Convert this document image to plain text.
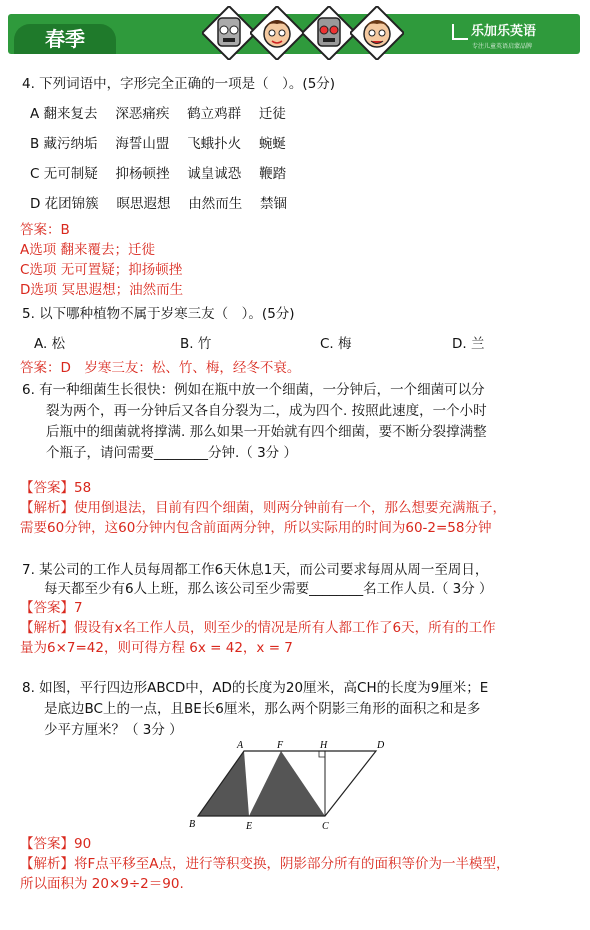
春季	乐加乐英语
专注儿童英语启蒙品牌
4. 下列词语中，字形完全正确的一项是（　）。(5分)
A 翻来复去　 深恶痛疾　 鹤立鸡群　 迁徒
B 藏污纳垢　 海誓山盟　 飞蛾扑火　 蜿蜒
C 无可制疑　 抑杨顿挫　 诚皇诚恐　 鞭踏
D 花团锦簇　 暝思遐想　 由然而生　 禁锢
答案：B
A选项 翻来覆去；迁徙
C选项 无可置疑；抑扬顿挫
D选项 冥思遐想；油然而生
5. 以下哪种植物不属于岁寒三友（　）。(5分)
A. 松	B. 竹	C. 梅	D. 兰
答案：D　岁寒三友：松、竹、梅，经冬不衰。
6. 有一种细菌生长很快：例如在瓶中放一个细菌，一分钟后，一个细菌可以分
裂为两个，再一分钟后又各自分裂为二，成为四个. 按照此速度，一个小时
后瓶中的细菌就将撑满. 那么如果一开始就有四个细菌，要不断分裂撑满整
个瓶子，请问需要________分钟.（ 3分 ）
【答案】58
【解析】使用倒退法，目前有四个细菌，则两分钟前有一个，那么想要充满瓶子，
需要60分钟，这60分钟内包含前面两分钟，所以实际用的时间为60-2=58分钟
7. 某公司的工作人员每周都工作6天休息1天，而公司要求每周从周一至周日，
每天都至少有6人上班，那么该公司至少需要________名工作人员.（ 3分 ）
【答案】7
【解析】假设有x名工作人员，则至少的情况是所有人都工作了6天，所有的工作
量为6×7=42，则可得方程 6x = 42，x = 7
8. 如图，平行四边形ABCD中，AD的长度为20厘米，高CH的长度为9厘米；E
是底边BC上的一点，且BE长6厘米，那么两个阴影三角形的面积之和是多
少平方厘米？（ 3分 ）
A	F	H	D
B	E	C
【答案】90
【解析】将F点平移至A点，进行等积变换，阴影部分所有的面积等价为一半模型，
所以面积为 20×9÷2＝90.
